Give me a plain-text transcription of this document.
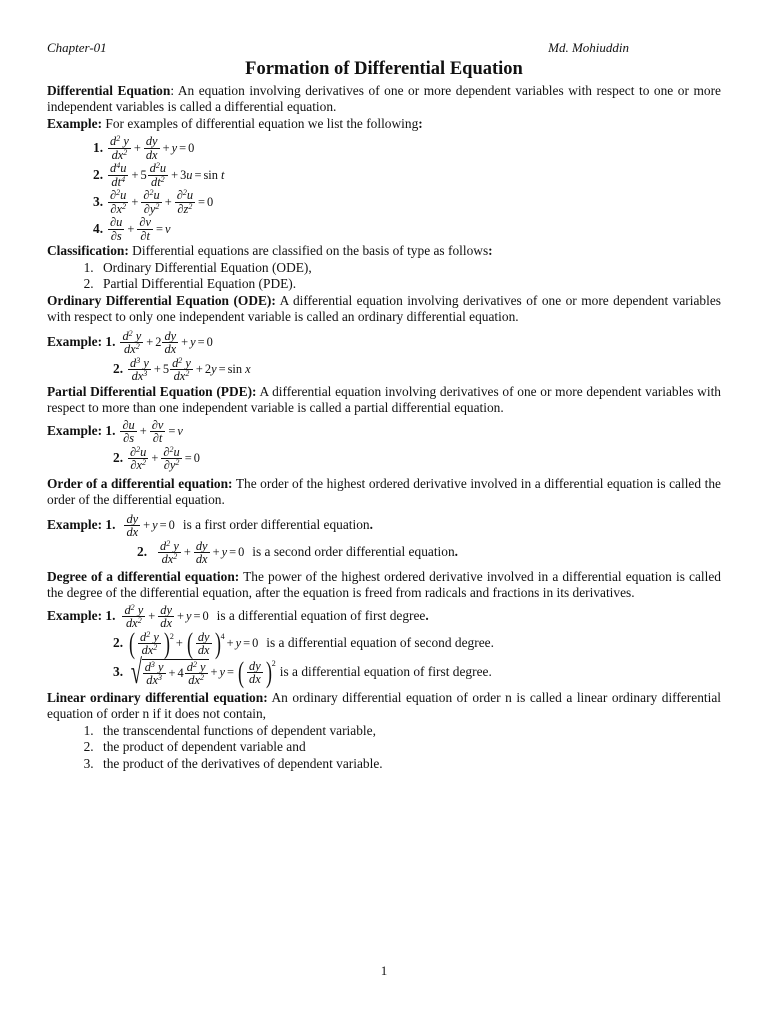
Chapter-01	Md. Mohiuddin
Formation of Differential Equation

Differential Equation: An equation involving derivatives of one or more dependent variables with respect to one or more independent variables is called a differential equation.

Example: For examples of differential equation we list the following:

1. $d^2$ y
$dx^2 + \frac{dy}{dx} + y = 0$
2. $d^4u$
$dt^4 + 5 \frac{d^2u}{dt^2} + 3$ u = sin t
3. ∂$^2$u
$\partial x^2 + \frac{\partial^2u}{\partial y^2} + \frac{\partial^2u}{\partial z^2} = 0$
4. ∂u
$\partial s + \frac{\partial v}{\partial t} = v$

Classification: Differential equations are classified on the basis of type as follows:

1. Ordinary Differential Equation (ODE),
2. Partial Differential Equation (PDE).

Ordinary Differential Equation (ODE): A differential equation involving derivatives of one or more dependent variables with respect to only one independent variable is called an ordinary differential equation.

Example: 1. $d^2$ y
$dx^2 + 2 \frac{dy}{dx} + y = 0$
2. $d^3$ y
$dx^3 + 5 \frac{d^2 y}{dx^2} + 2$ y = sin x

Partial Differential Equation (PDE): A differential equation involving derivatives of one or more dependent variables with respect to more than one independent variable is called a partial differential equation.

Example: 1. ∂u
$\partial s + \frac{\partial v}{\partial t} = v$
2. ∂$^2$u
$\partial x^2 + \frac{\partial^2u}{\partial y^2} = 0$

Order of a differential equation: The order of the highest ordered derivative involved in a differential equation is called the order of the differential equation.

Example: 1. dy
dx + y = 0 is a first order differential equation .
2. $d^2$ y
$dx^2 + \frac{dy}{dx} + y = 0$ is a second order differential equation .

Degree of a differential equation: The power of the highest ordered derivative involved in a differential equation is called the degree of the differential equation, after the equation is freed from radicals and fractions in its derivatives.

Example: 1. $d^2$ y
$dx^2 + \frac{dy}{dx} + y = 0$ is a differential equation of first degree .
2. ( $d^2$ y
$dx^2$ ) 2
+ ( dy
dx ) 4
+ y = 0 is a differential equation of second degree.
3. √ $d^3$ y
$dx^3 + 4 \frac{d^2 y}{dx^2} + y$ = ( dy
dx ) 2
is a differential equation of first degree.

Linear ordinary differential equation: An ordinary differential equation of order n is called a linear ordinary differential equation of order n if it does not contain,

1. the transcendental functions of dependent variable,
2. the product of dependent variable and
3. the product of the derivatives of dependent variable.
1
